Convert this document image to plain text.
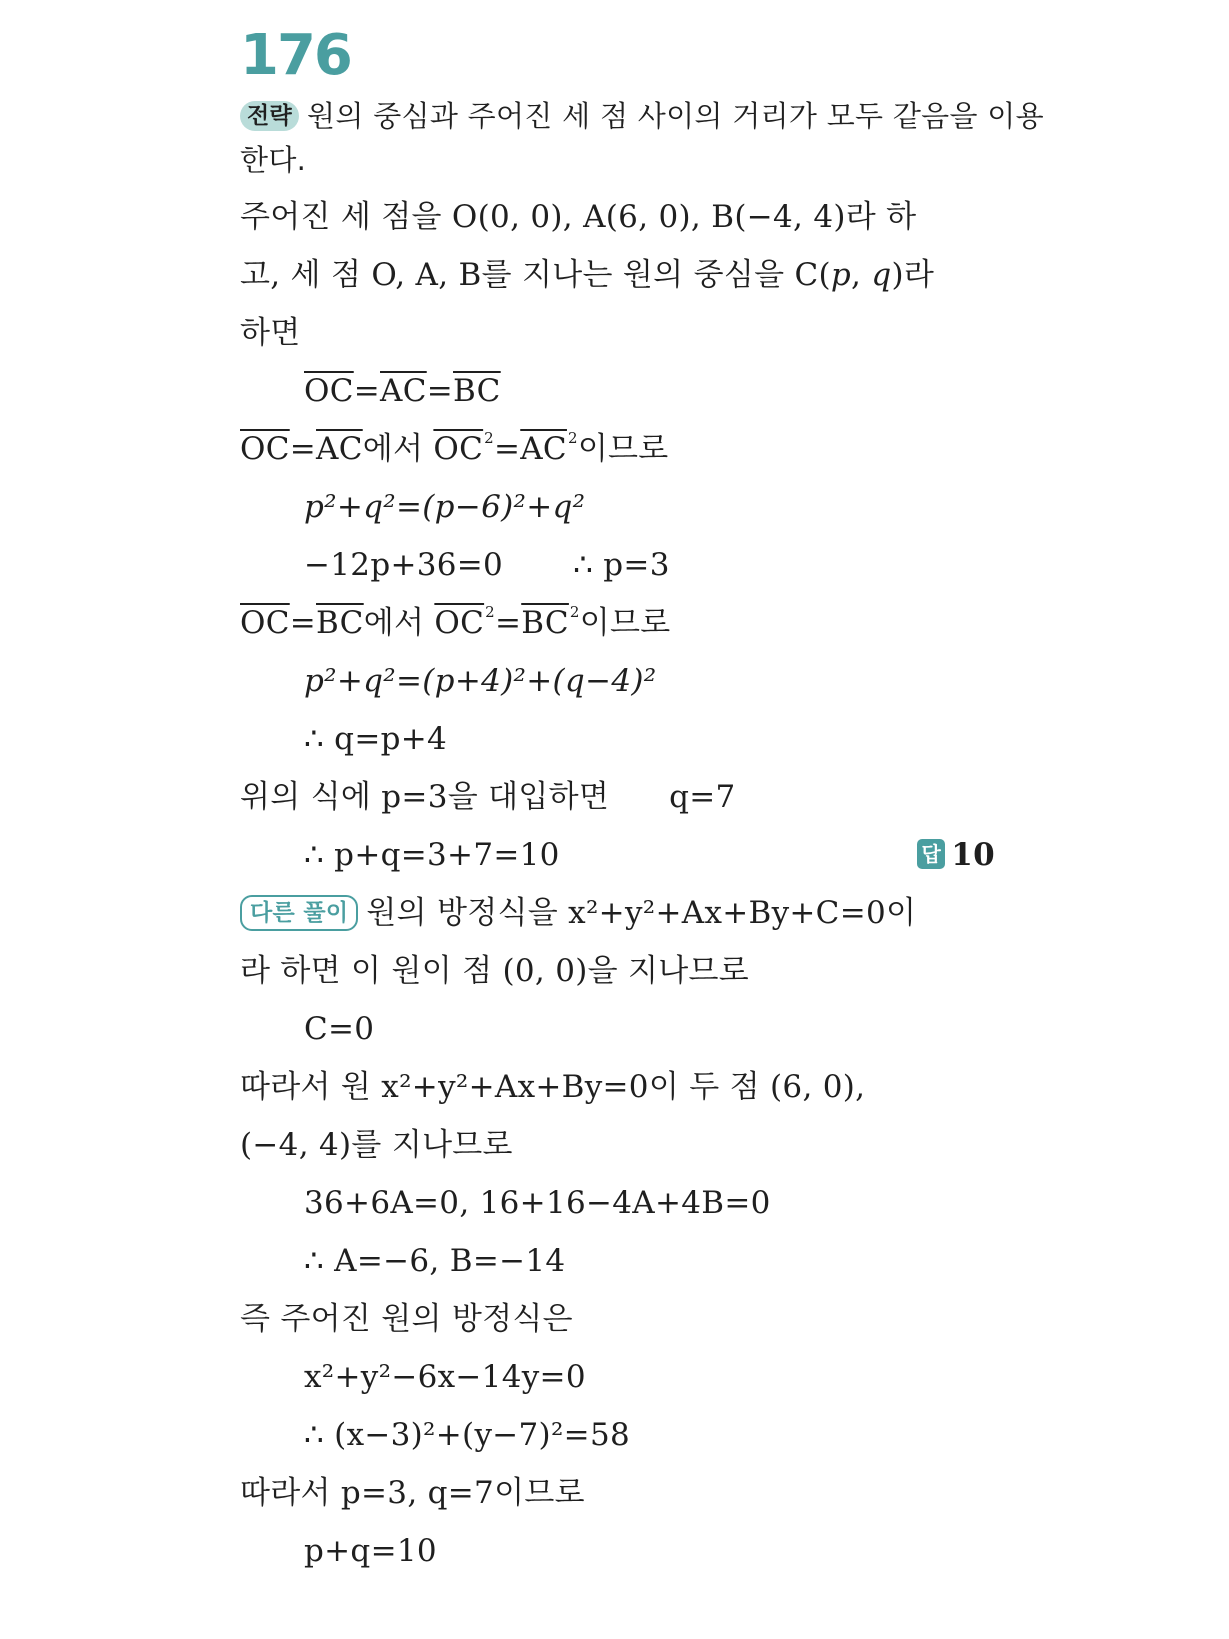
176
전략 원의 중심과 주어진 세 점 사이의 거리가 모두 같음을 이용
한다.
주어진 세 점을 O(0, 0), A(6, 0), B(−4, 4)라 하
고, 세 점 O, A, B를 지나는 원의 중심을 C(p, q)라
하면
$\overline{OC}=\overline{AC}=\overline{BC}$
$\overline{OC}=\overline{AC}$에서 $\overline{OC}^2=\overline{AC}^2$이므로
p²+q²=(p−6)²+q²
−12p+36=0 ∴ p=3
$\overline{OC}=\overline{BC}$에서 $\overline{OC}^2=\overline{BC}^2$이므로
p²+q²=(p+4)²+(q−4)²
∴ q=p+4
위의 식에 p=3을 대입하면 q=7
∴ p+q=3+7=10	답 10
다른 풀이 원의 방정식을 x²+y²+Ax+By+C=0이
라 하면 이 원이 점 (0, 0)을 지나므로
C=0
따라서 원 x²+y²+Ax+By=0이 두 점 (6, 0),
(−4, 4)를 지나므로
36+6A=0, 16+16−4A+4B=0
∴ A=−6, B=−14
즉 주어진 원의 방정식은
x²+y²−6x−14y=0
∴ (x−3)²+(y−7)²=58
따라서 p=3, q=7이므로
p+q=10
